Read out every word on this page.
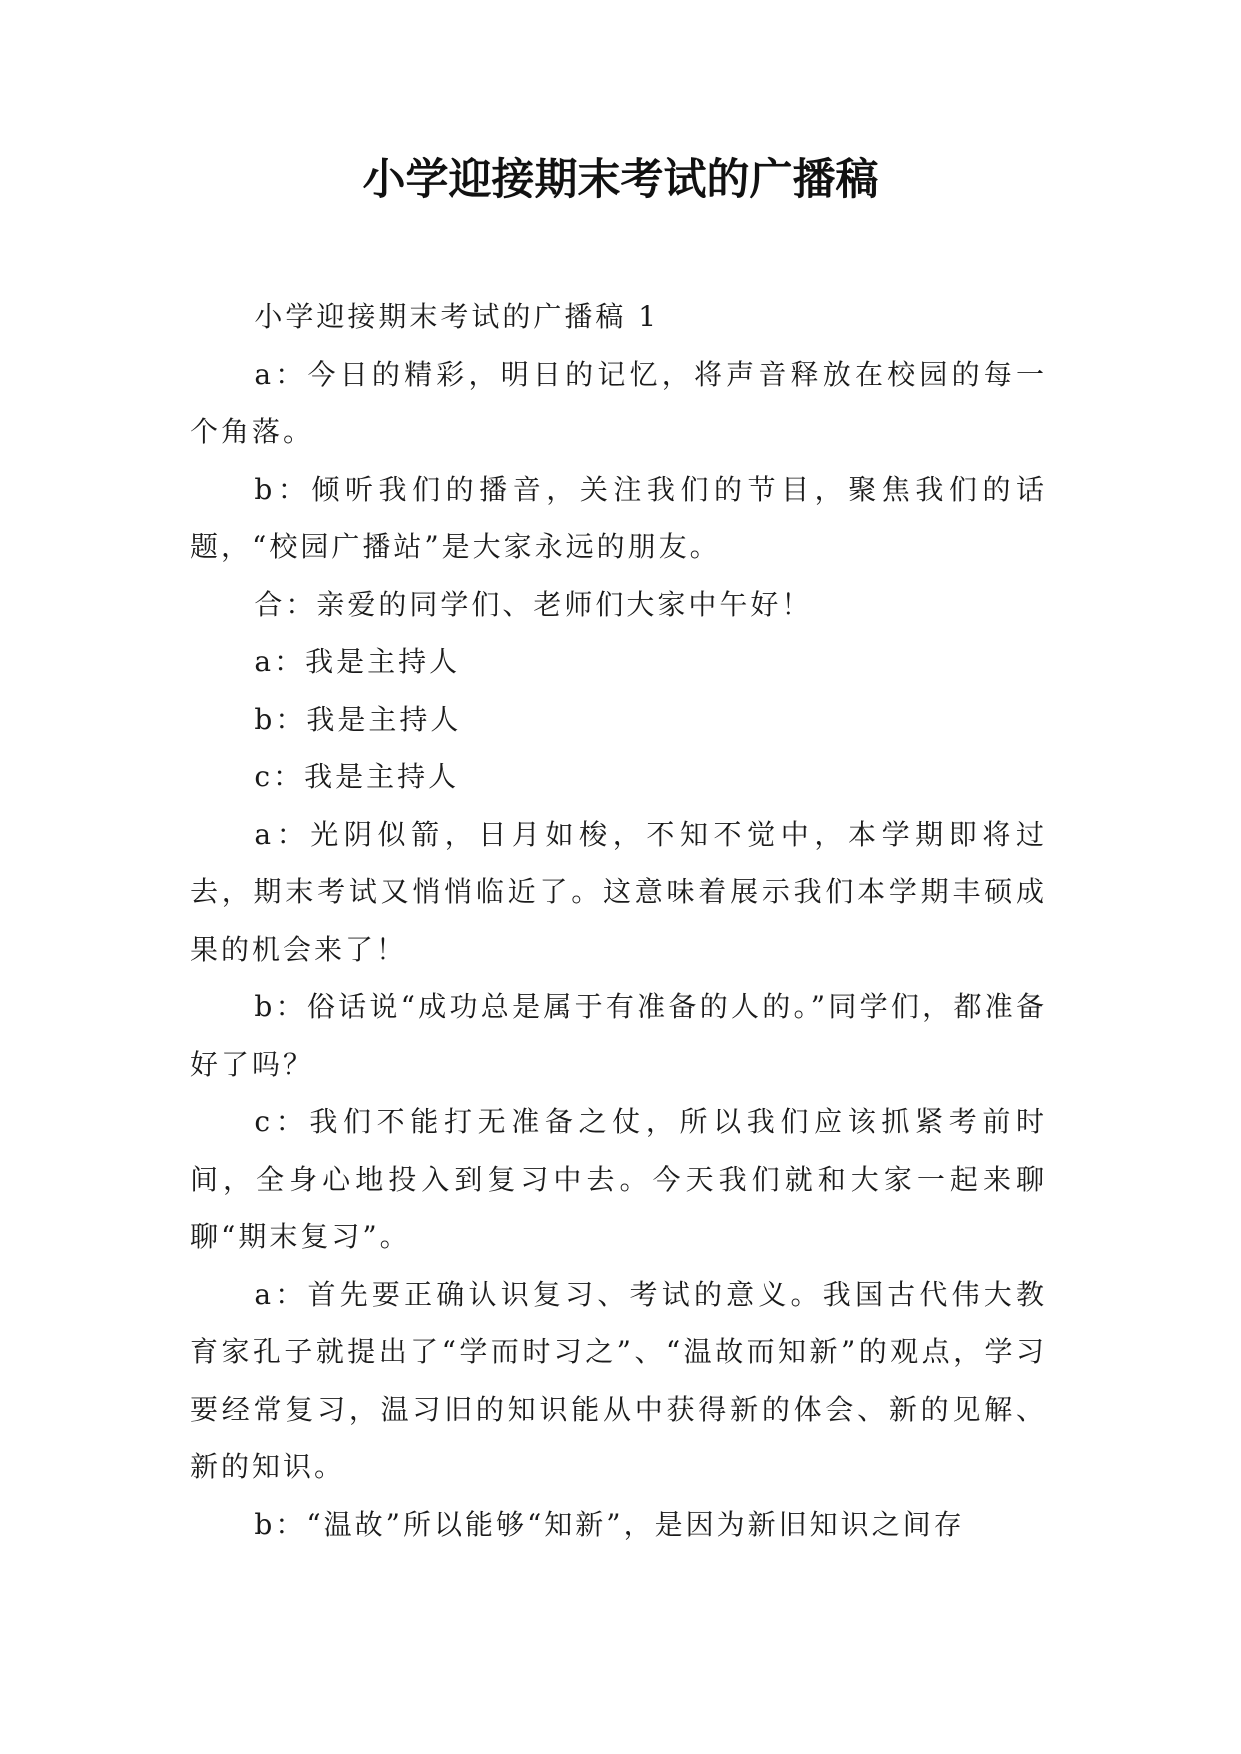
小学迎接期末考试的广播稿

小学迎接期末考试的广播稿 1

a：今日的精彩，明日的记忆，将声音释放在校园的每一个角落。

b：倾听我们的播音，关注我们的节目，聚焦我们的话题，“校园广播站”是大家永远的朋友。

合：亲爱的同学们、老师们大家中午好！

a：我是主持人

b：我是主持人

c：我是主持人

a：光阴似箭，日月如梭，不知不觉中，本学期即将过去，期末考试又悄悄临近了。这意味着展示我们本学期丰硕成果的机会来了！

b：俗话说“成功总是属于有准备的人的。”同学们，都准备好了吗？

c：我们不能打无准备之仗，所以我们应该抓紧考前时间，全身心地投入到复习中去。今天我们就和大家一起来聊聊“期末复习”。

a：首先要正确认识复习、考试的意义。我国古代伟大教育家孔子就提出了“学而时习之”、“温故而知新”的观点，学习要经常复习，温习旧的知识能从中获得新的体会、新的见解、新的知识。

b：“温故”所以能够“知新”，是因为新旧知识之间存
